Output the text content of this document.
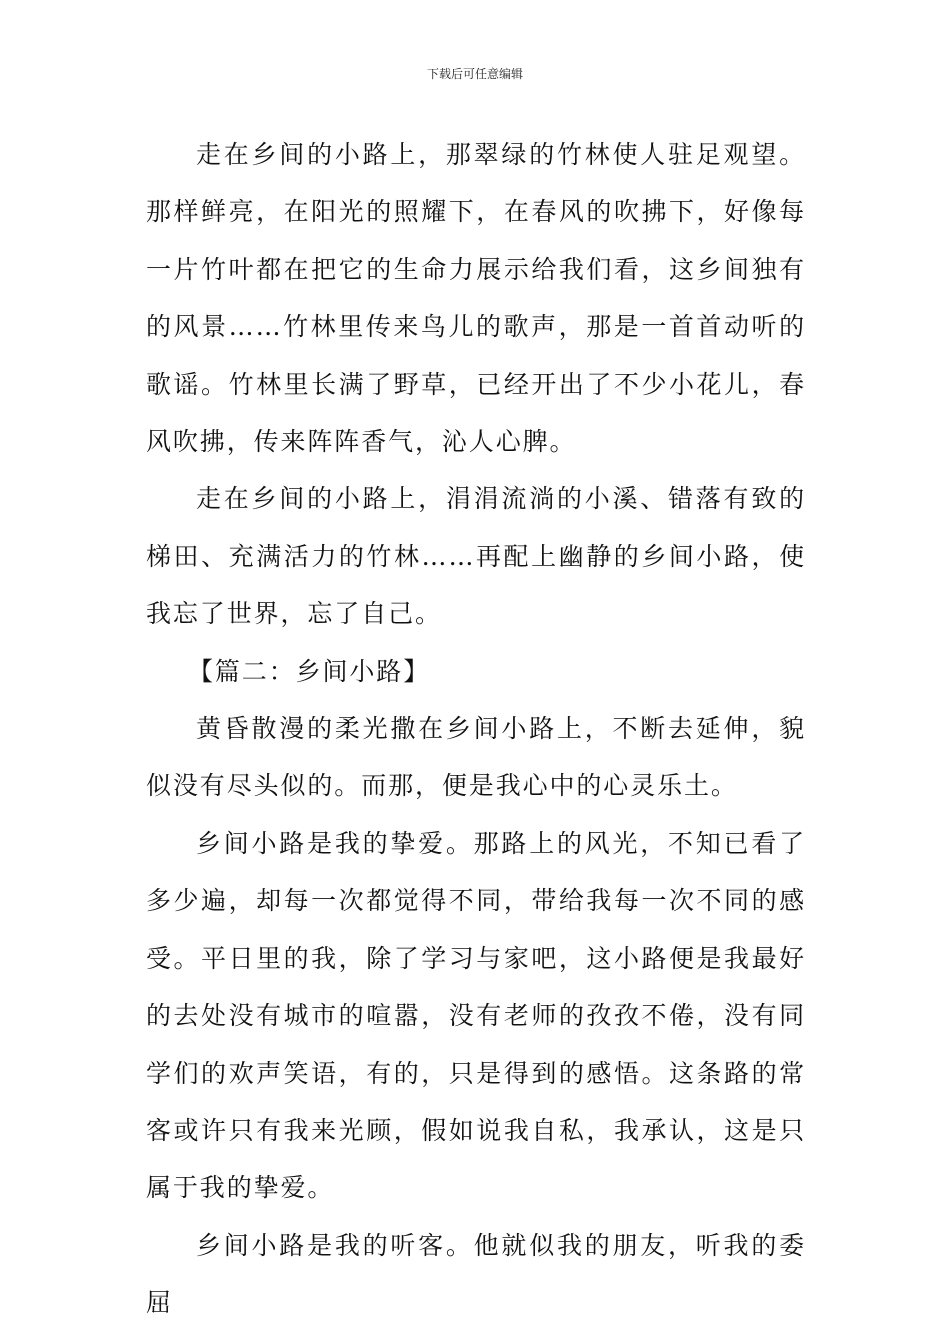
下载后可任意编辑

走在乡间的小路上，那翠绿的竹林使人驻足观望。那样鲜亮，在阳光的照耀下，在春风的吹拂下，好像每一片竹叶都在把它的生命力展示给我们看，这乡间独有的风景……竹林里传来鸟儿的歌声，那是一首首动听的歌谣。竹林里长满了野草，已经开出了不少小花儿，春风吹拂，传来阵阵香气，沁人心脾。

走在乡间的小路上，涓涓流淌的小溪、错落有致的梯田、充满活力的竹林……再配上幽静的乡间小路，使我忘了世界，忘了自己。

【篇二：乡间小路】

黄昏散漫的柔光撒在乡间小路上，不断去延伸，貌似没有尽头似的。而那，便是我心中的心灵乐土。

乡间小路是我的挚爱。那路上的风光，不知已看了多少遍，却每一次都觉得不同，带给我每一次不同的感受。平日里的我，除了学习与家吧，这小路便是我最好的去处没有城市的喧嚣，没有老师的孜孜不倦，没有同学们的欢声笑语，有的，只是得到的感悟。这条路的常客或许只有我来光顾，假如说我自私，我承认，这是只属于我的挚爱。

乡间小路是我的听客。他就似我的朋友，听我的委屈
